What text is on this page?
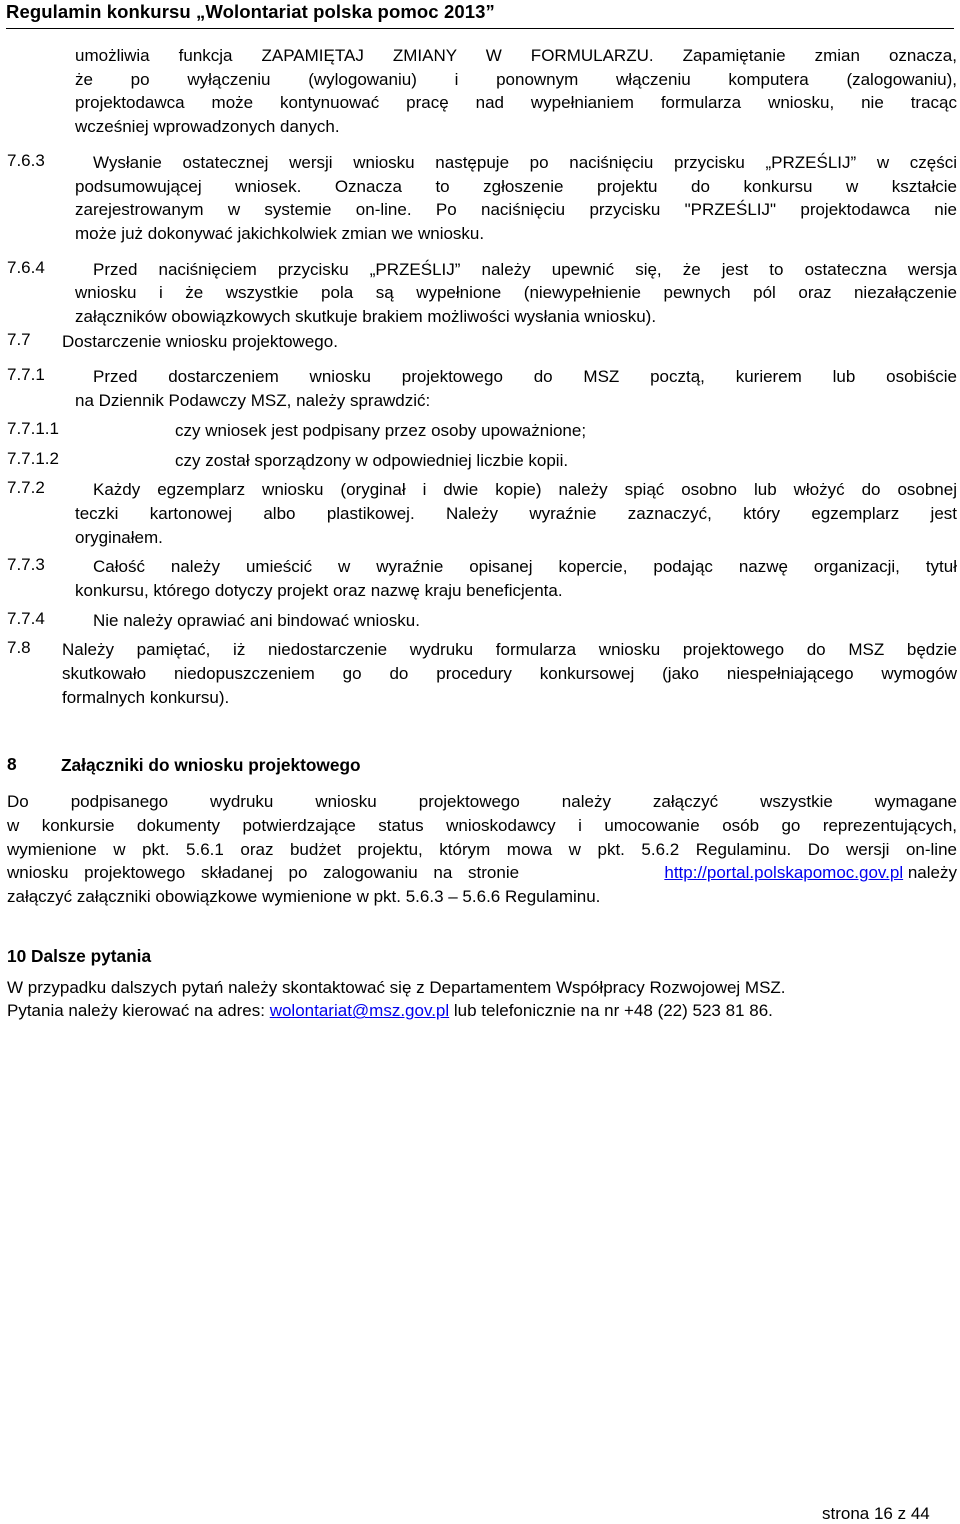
Regulamin konkursu „Wolontariat polska pomoc 2013”

umożliwia funkcja ZAPAMIĘTAJ ZMIANY W FORMULARZU. Zapamiętanie zmian oznacza,

że po wyłączeniu (wylogowaniu) i ponownym włączeniu komputera (zalogowaniu),

projektodawca może kontynuować pracę nad wypełnianiem formularza wniosku, nie tracąc

wcześniej wprowadzonych danych.

7.6.3	Wysłanie ostatecznej wersji wniosku następuje po naciśnięciu przycisku „PRZEŚLIJ” w części

podsumowującej wniosek. Oznacza to zgłoszenie projektu do konkursu w kształcie

zarejestrowanym w systemie on-line. Po naciśnięciu przycisku "PRZEŚLIJ" projektodawca nie

może już dokonywać jakichkolwiek zmian we wniosku.

7.6.4	Przed naciśnięciem przycisku „PRZEŚLIJ” należy upewnić się, że jest to ostateczna wersja

wniosku i że wszystkie pola są wypełnione (niewypełnienie pewnych pól oraz niezałączenie

załączników obowiązkowych skutkuje brakiem możliwości wysłania wniosku).

7.7	Dostarczenie wniosku projektowego.

7.7.1	Przed dostarczeniem wniosku projektowego do MSZ pocztą, kurierem lub osobiście

na Dziennik Podawczy MSZ, należy sprawdzić:

7.7.1.1	czy wniosek jest podpisany przez osoby upoważnione;

7.7.1.2	czy został sporządzony w odpowiedniej liczbie kopii.

7.7.2	Każdy egzemplarz wniosku (oryginał i dwie kopie) należy spiąć osobno lub włożyć do osobnej

teczki kartonowej albo plastikowej. Należy wyraźnie zaznaczyć, który egzemplarz jest

oryginałem.

7.7.3	Całość należy umieścić w wyraźnie opisanej kopercie, podając nazwę organizacji, tytuł

konkursu, którego dotyczy projekt oraz nazwę kraju beneficjenta.

7.7.4	Nie należy oprawiać ani bindować wniosku.

7.8	Należy pamiętać, iż niedostarczenie wydruku formularza wniosku projektowego do MSZ będzie

skutkowało niedopuszczeniem go do procedury konkursowej (jako niespełniającego wymogów

formalnych konkursu).

8	Załączniki do wniosku projektowego

Do podpisanego wydruku wniosku projektowego należy załączyć wszystkie wymagane

w konkursie dokumenty potwierdzające status wnioskodawcy i umocowanie osób go reprezentujących,

wymienione w pkt. 5.6.1 oraz budżet projektu, którym mowa w pkt. 5.6.2 Regulaminu. Do wersji on-line

wniosku projektowego składanej po zalogowaniu na stronie	http://portal.polskapomoc.gov.pl należy

załączyć załączniki obowiązkowe wymienione w pkt. 5.6.3 – 5.6.6 Regulaminu.

10 Dalsze pytania

W przypadku dalszych pytań należy skontaktować się z Departamentem Współpracy Rozwojowej MSZ.

Pytania należy kierować na adres: wolontariat@msz.gov.pl lub telefonicznie na nr +48 (22) 523 81 86.

strona 16 z 44
